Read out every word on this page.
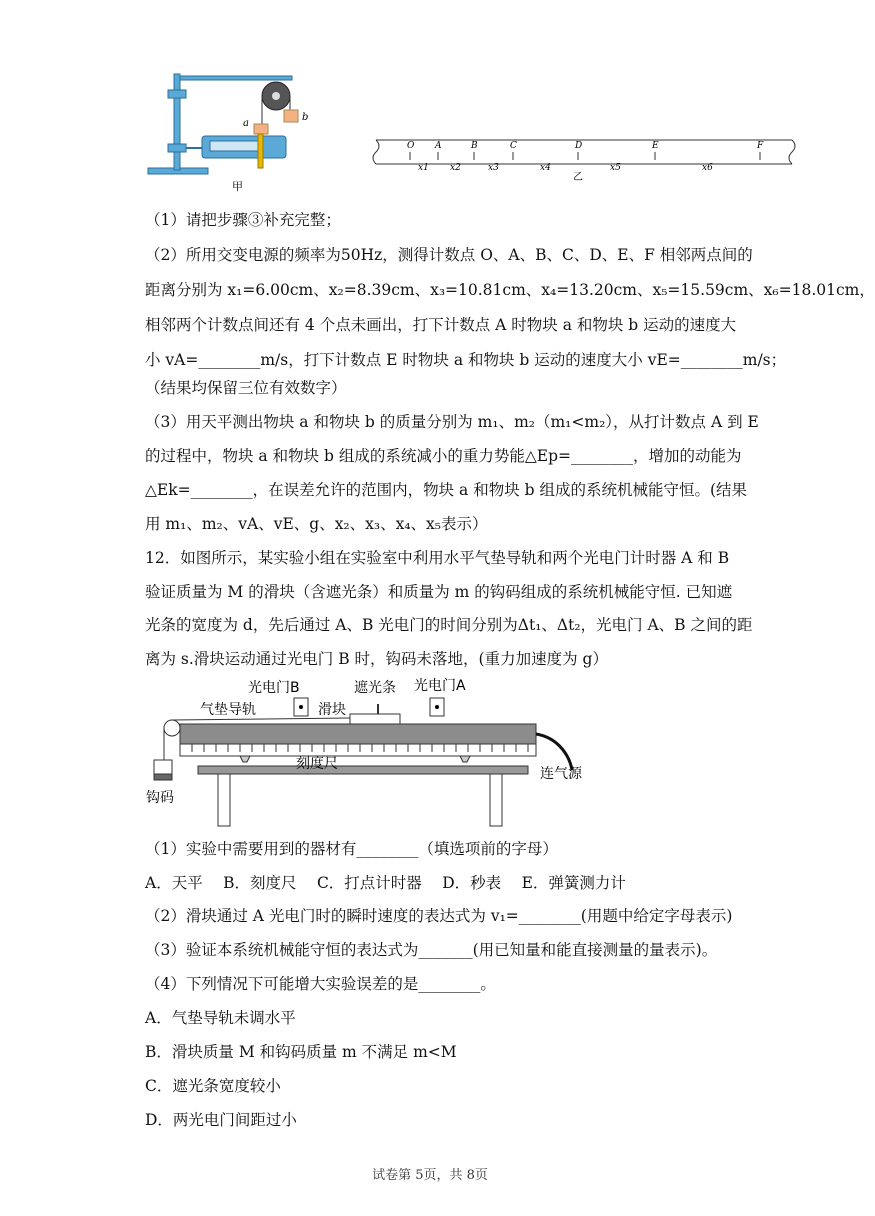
a
b
甲
O A	B	C	D	E	F
x1 x2	x3	x4	x5	x6
乙
（1）请把步骤③补充完整；
（2）所用交变电源的频率为50Hz，测得计数点 O、A、B、C、D、E、F 相邻两点间的
距离分别为 x₁=6.00cm、x₂=8.39cm、x₃=10.81cm、x₄=13.20cm、x₅=15.59cm、x₆=18.01cm，
相邻两个计数点间还有 4 个点未画出，打下计数点 A 时物块 a 和物块 b 运动的速度大
小 vA=________m/s，打下计数点 E 时物块 a 和物块 b 运动的速度大小 vE=________m/s；
（结果均保留三位有效数字）
（3）用天平测出物块 a 和物块 b 的质量分别为 m₁、m₂（m₁<m₂），从打计数点 A 到 E
的过程中，物块 a 和物块 b 组成的系统减小的重力势能△Ep=________，增加的动能为
△Ek=________，在误差允许的范围内，物块 a 和物块 b 组成的系统机械能守恒。(结果
用 m₁、m₂、vA、vE、g、x₂、x₃、x₄、x₅表示）
12．如图所示，某实验小组在实验室中利用水平气垫导轨和两个光电门计时器 A 和 B
验证质量为 M 的滑块（含遮光条）和质量为 m 的钩码组成的系统机械能守恒. 已知遮
光条的宽度为 d，先后通过 A、B 光电门的时间分别为Δt₁、Δt₂，光电门 A、B 之间的距
离为 s.滑块运动通过光电门 B 时，钩码未落地，(重力加速度为 g）
光电门B	遮光条 光电门A
气垫导轨	滑块
刻度尺
连气源
钩码
（1）实验中需要用到的器材有________（填选项前的字母）
A．天平　 B．刻度尺　 C．打点计时器　 D．秒表　 E．弹簧测力计
（2）滑块通过 A 光电门时的瞬时速度的表达式为 v₁=________(用题中给定字母表示)
（3）验证本系统机械能守恒的表达式为_______(用已知量和能直接测量的量表示)。
（4）下列情况下可能增大实验误差的是________。
A．气垫导轨未调水平
B．滑块质量 M 和钩码质量 m 不满足 m<M
C．遮光条宽度较小
D．两光电门间距过小
试卷第 5页，共 8页
